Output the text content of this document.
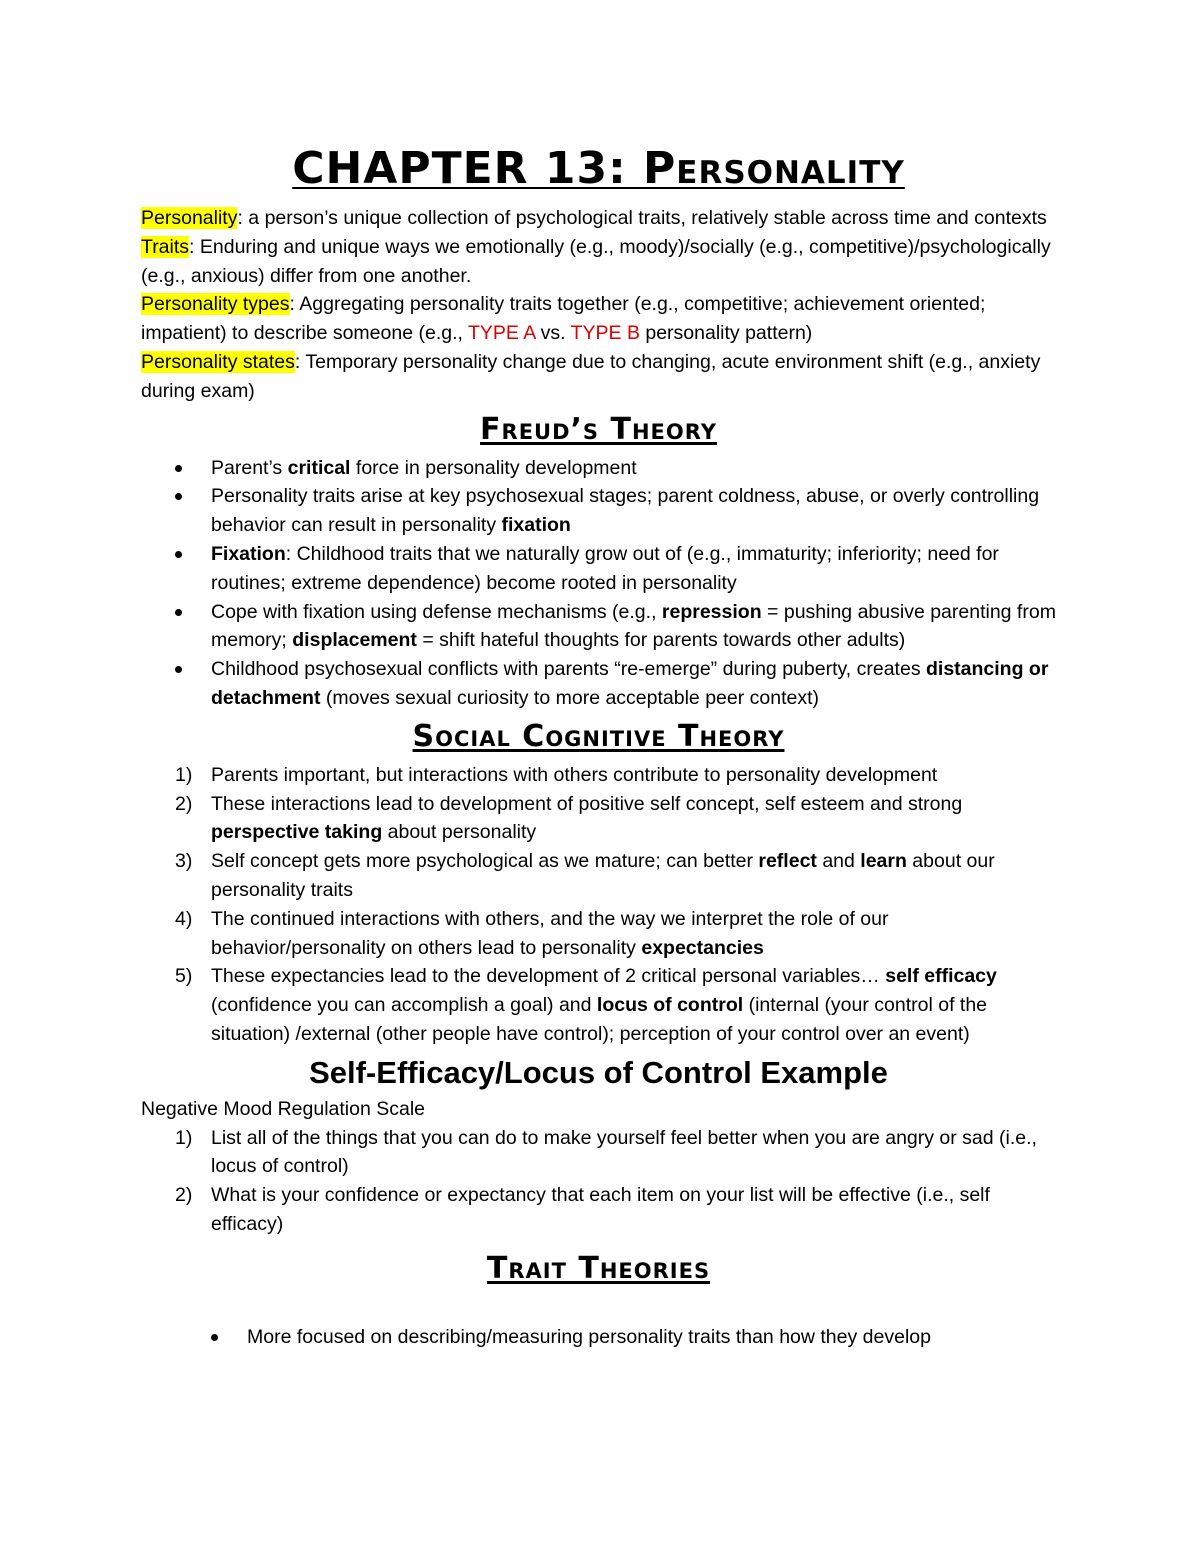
CHAPTER 13: Personality

Personality: a person’s unique collection of psychological traits, relatively stable across time and contexts

Traits: Enduring and unique ways we emotionally (e.g., moody)/socially (e.g., competitive)/psychologically (e.g., anxious) differ from one another.

Personality types: Aggregating personality traits together (e.g., competitive; achievement oriented; impatient) to describe someone (e.g., TYPE A vs. TYPE B personality pattern)

Personality states: Temporary personality change due to changing, acute environment shift (e.g., anxiety during exam)

Freud’s Theory
Parent’s critical force in personality development
Personality traits arise at key psychosexual stages; parent coldness, abuse, or overly controlling behavior can result in personality fixation
Fixation: Childhood traits that we naturally grow out of (e.g., immaturity; inferiority; need for routines; extreme dependence) become rooted in personality
Cope with fixation using defense mechanisms (e.g., repression = pushing abusive parenting from memory; displacement = shift hateful thoughts for parents towards other adults)
Childhood psychosexual conflicts with parents “re-emerge” during puberty, creates distancing or detachment (moves sexual curiosity to more acceptable peer context)
Social Cognitive Theory
1) Parents important, but interactions with others contribute to personality development
2) These interactions lead to development of positive self concept, self esteem and strong perspective taking about personality
3) Self concept gets more psychological as we mature; can better reflect and learn about our personality traits
4) The continued interactions with others, and the way we interpret the role of our behavior/personality on others lead to personality expectancies
5) These expectancies lead to the development of 2 critical personal variables… self efficacy (confidence you can accomplish a goal) and locus of control (internal (your control of the situation) /external (other people have control); perception of your control over an event)
Self-Efficacy/Locus of Control Example

Negative Mood Regulation Scale

1) List all of the things that you can do to make yourself feel better when you are angry or sad (i.e., locus of control)
2) What is your confidence or expectancy that each item on your list will be effective (i.e., self efficacy)
Trait Theories
More focused on describing/measuring personality traits than how they develop
